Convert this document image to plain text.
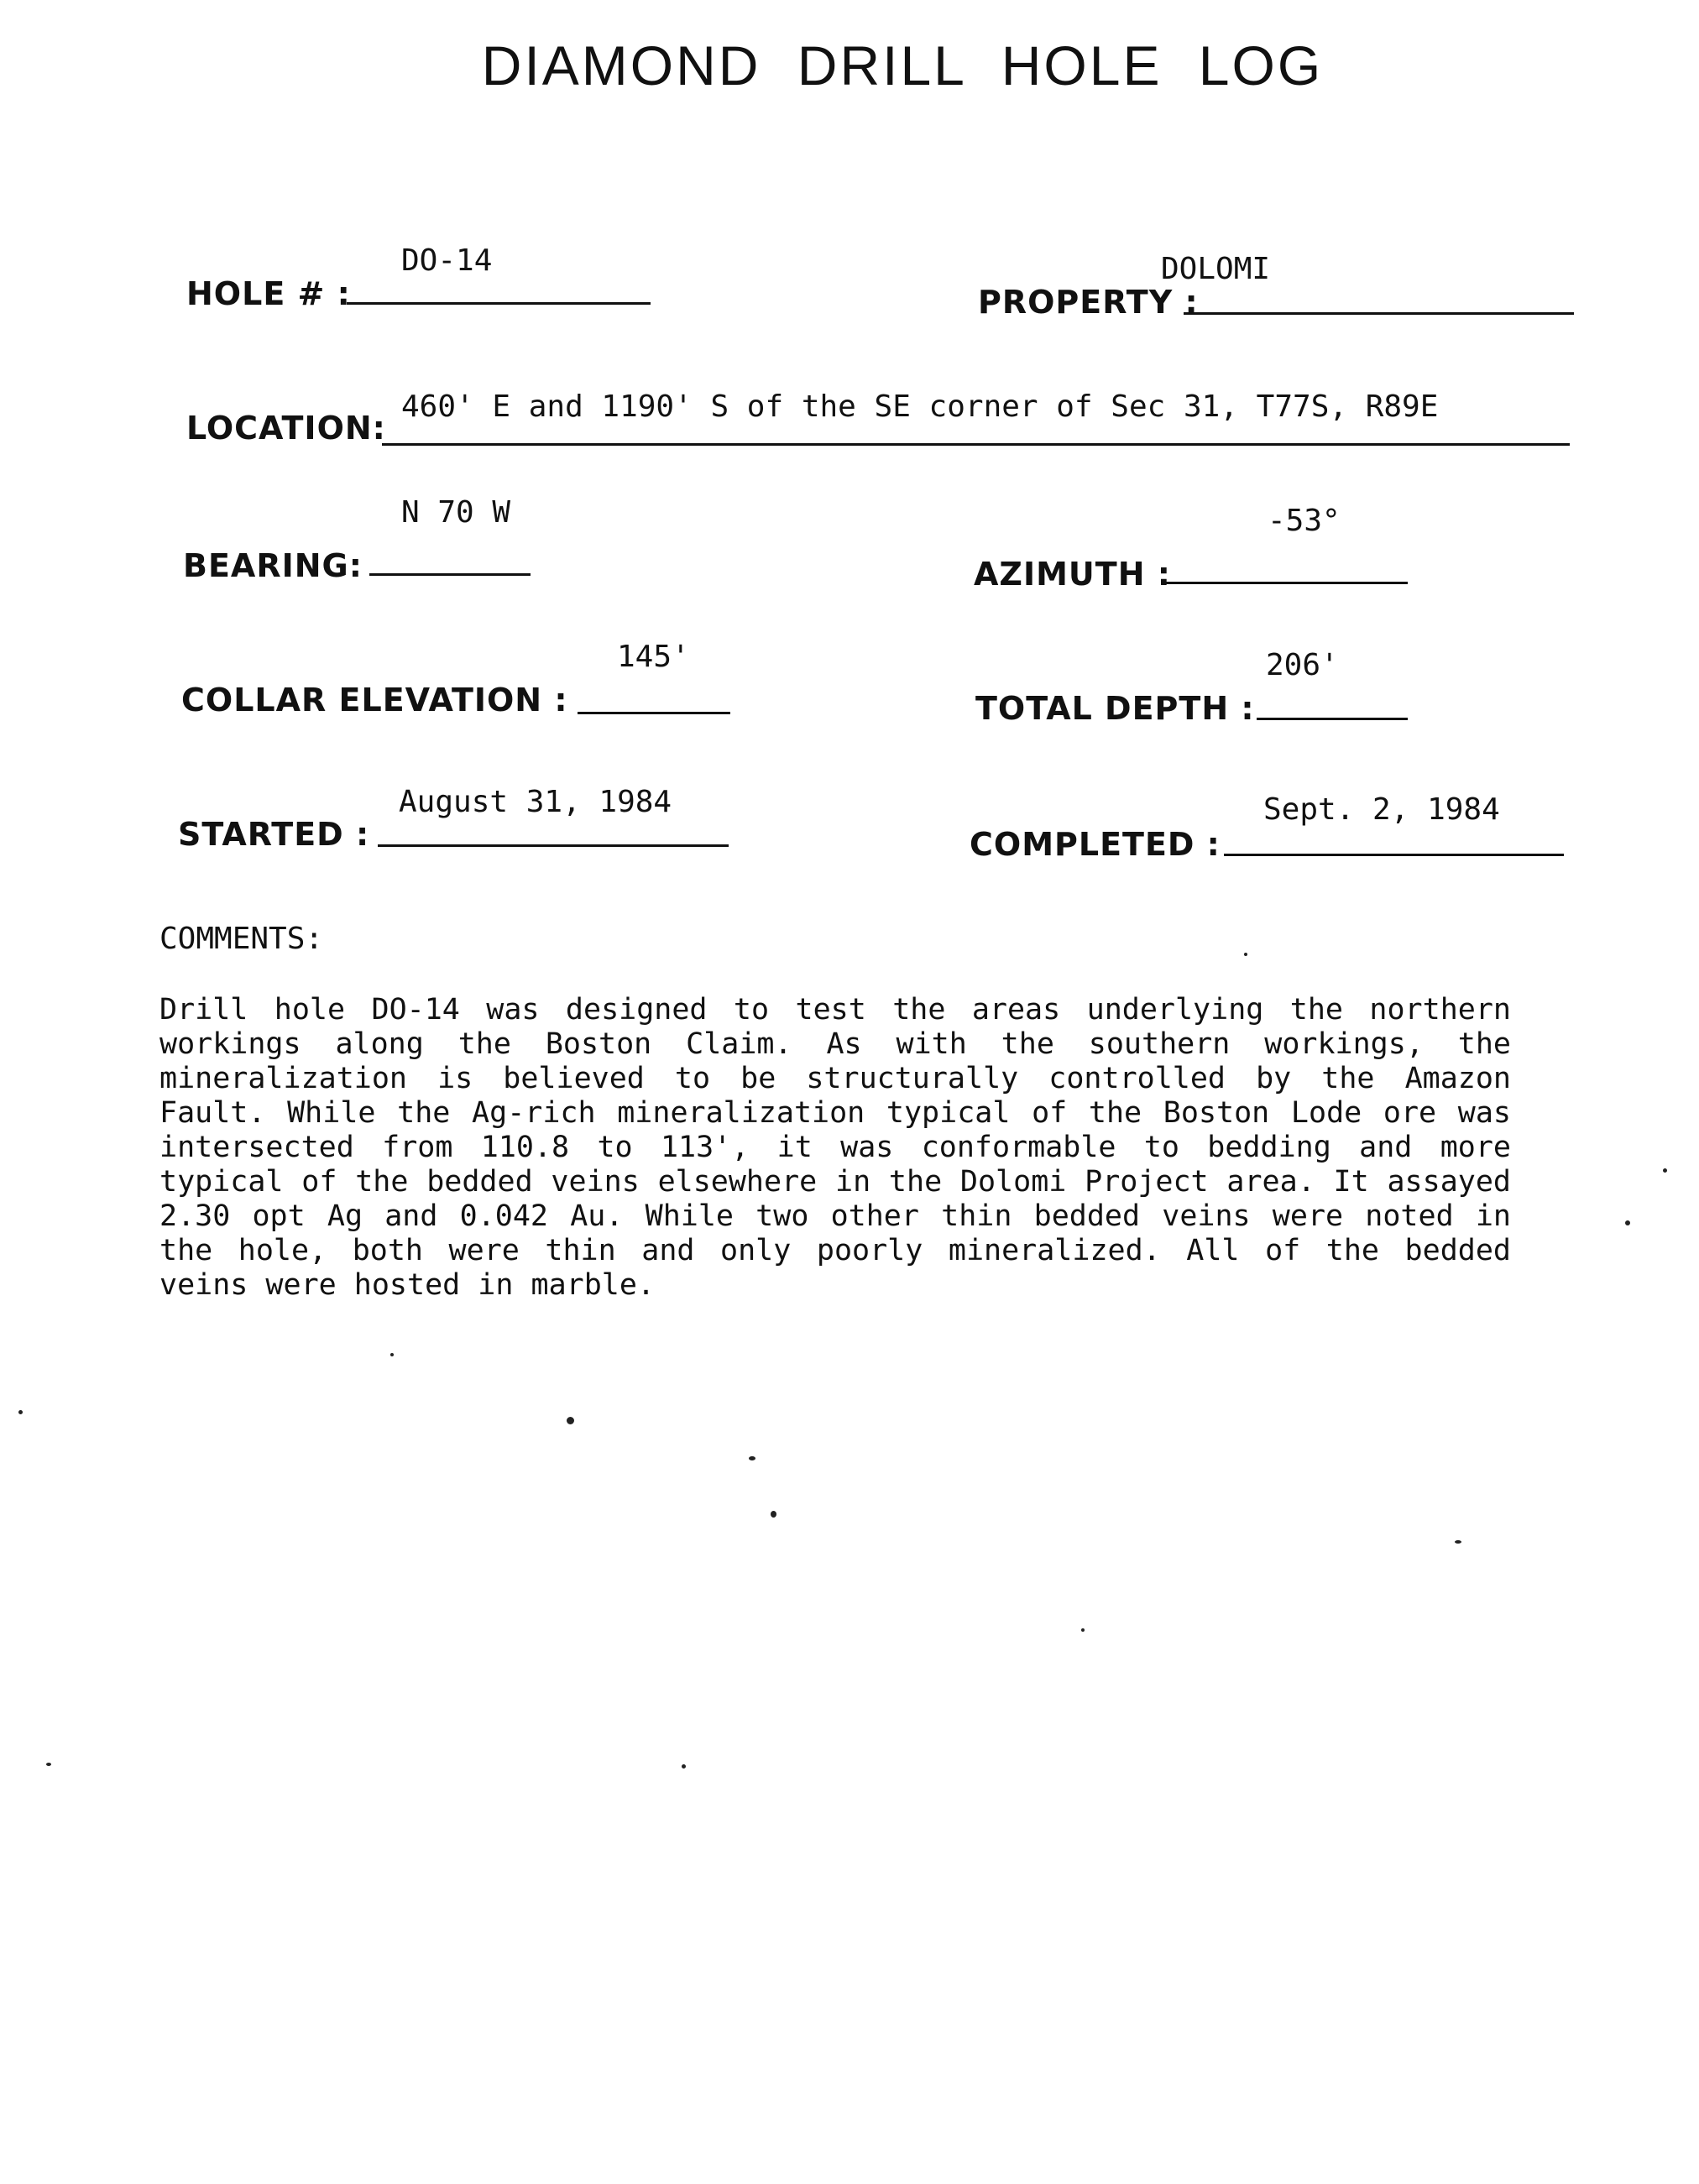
DIAMOND DRILL HOLE LOG
HOLE # :
DO-14
PROPERTY :
DOLOMI
LOCATION:
460' E and 1190' S of the SE corner of Sec 31, T77S, R89E
BEARING:
N 70 W
AZIMUTH :
-53°
COLLAR ELEVATION :
145'
TOTAL DEPTH :
206'
STARTED :
August 31, 1984
COMPLETED :
Sept. 2, 1984
COMMENTS:

Drill hole DO-14 was designed to test the areas underlying the northern workings along the Boston Claim. As with the southern workings, the mineralization is believed to be structurally controlled by the Amazon Fault. While the Ag-rich mineralization typical of the Boston Lode ore was intersected from 110.8 to 113', it was conformable to bedding and more typical of the bedded veins elsewhere in the Dolomi Project area. It assayed 2.30 opt Ag and 0.042 Au. While two other thin bedded veins were noted in the hole, both were thin and only poorly mineralized. All of the bedded veins were hosted in marble.
